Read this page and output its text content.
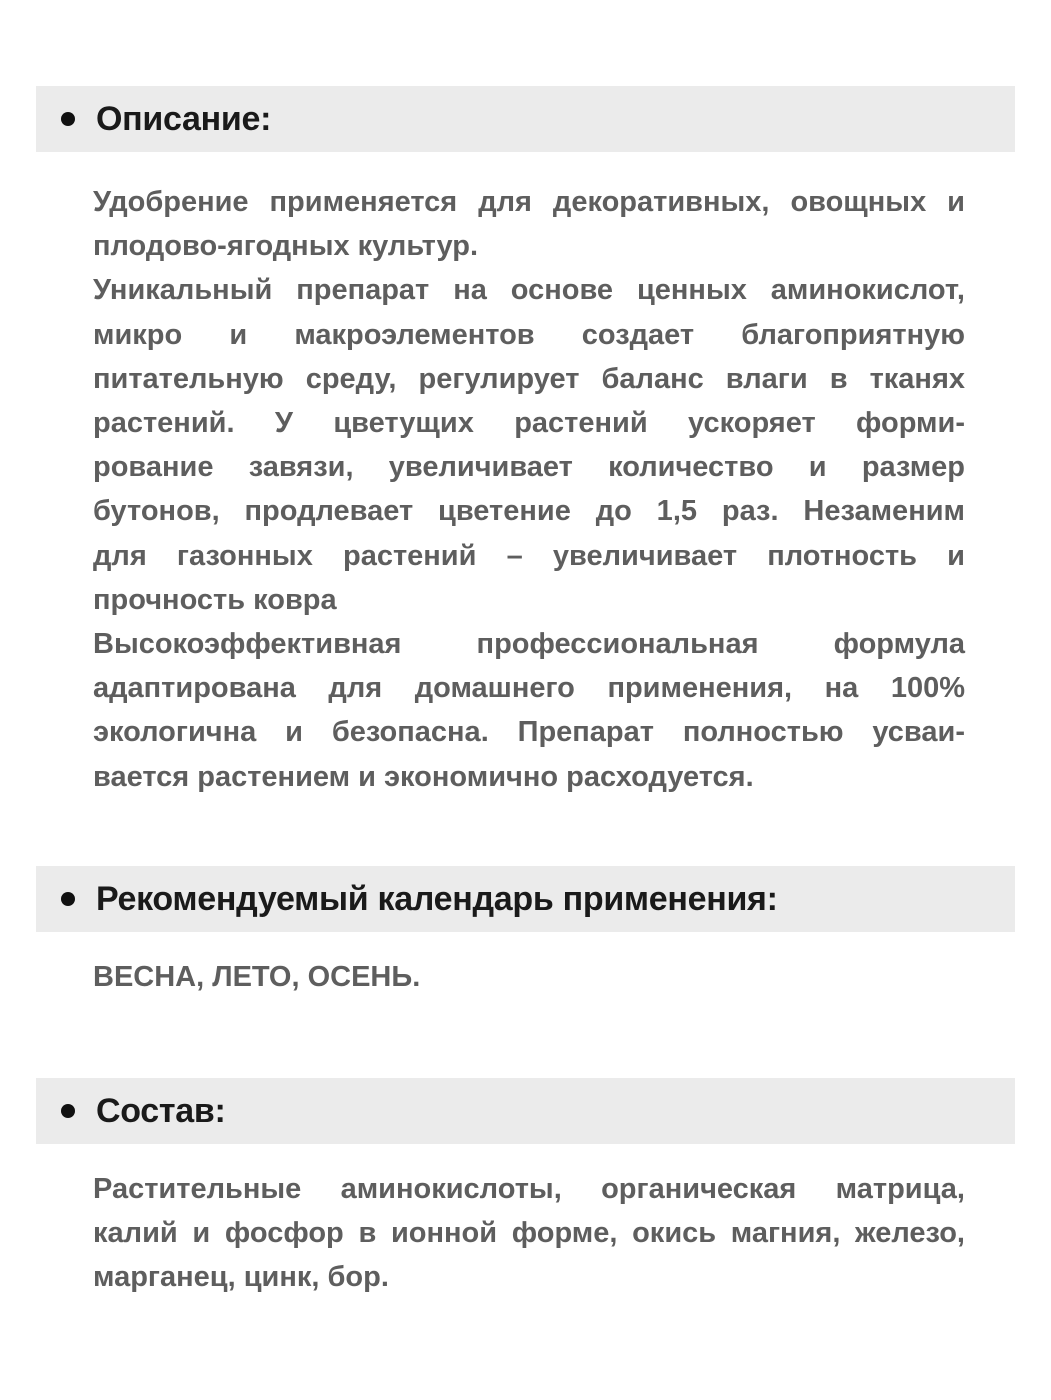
Описание:
Удобрение применяется для декоративных, овощных и
плодово-ягодных культур.
Уникальный препарат на основе ценных аминокислот,
микро и макроэлементов создает благоприятную
питательную среду, регулирует баланс влаги в тканях
растений. У цветущих растений ускоряет форми-
рование завязи, увеличивает количество и размер
бутонов, продлевает цветение до 1,5 раз. Незаменим
для газонных растений – увеличивает плотность и
прочность ковра
Высокоэффективная профессиональная формула
адаптирована для домашнего применения, на 100%
экологична и безопасна. Препарат полностью усваи-
вается растением и экономично расходуется.
Рекомендуемый календарь применения:
ВЕСНА, ЛЕТО, ОСЕНЬ.
Состав:
Растительные аминокислоты, органическая матрица,
калий и фосфор в ионной форме, окись магния, железо,
марганец, цинк, бор.
